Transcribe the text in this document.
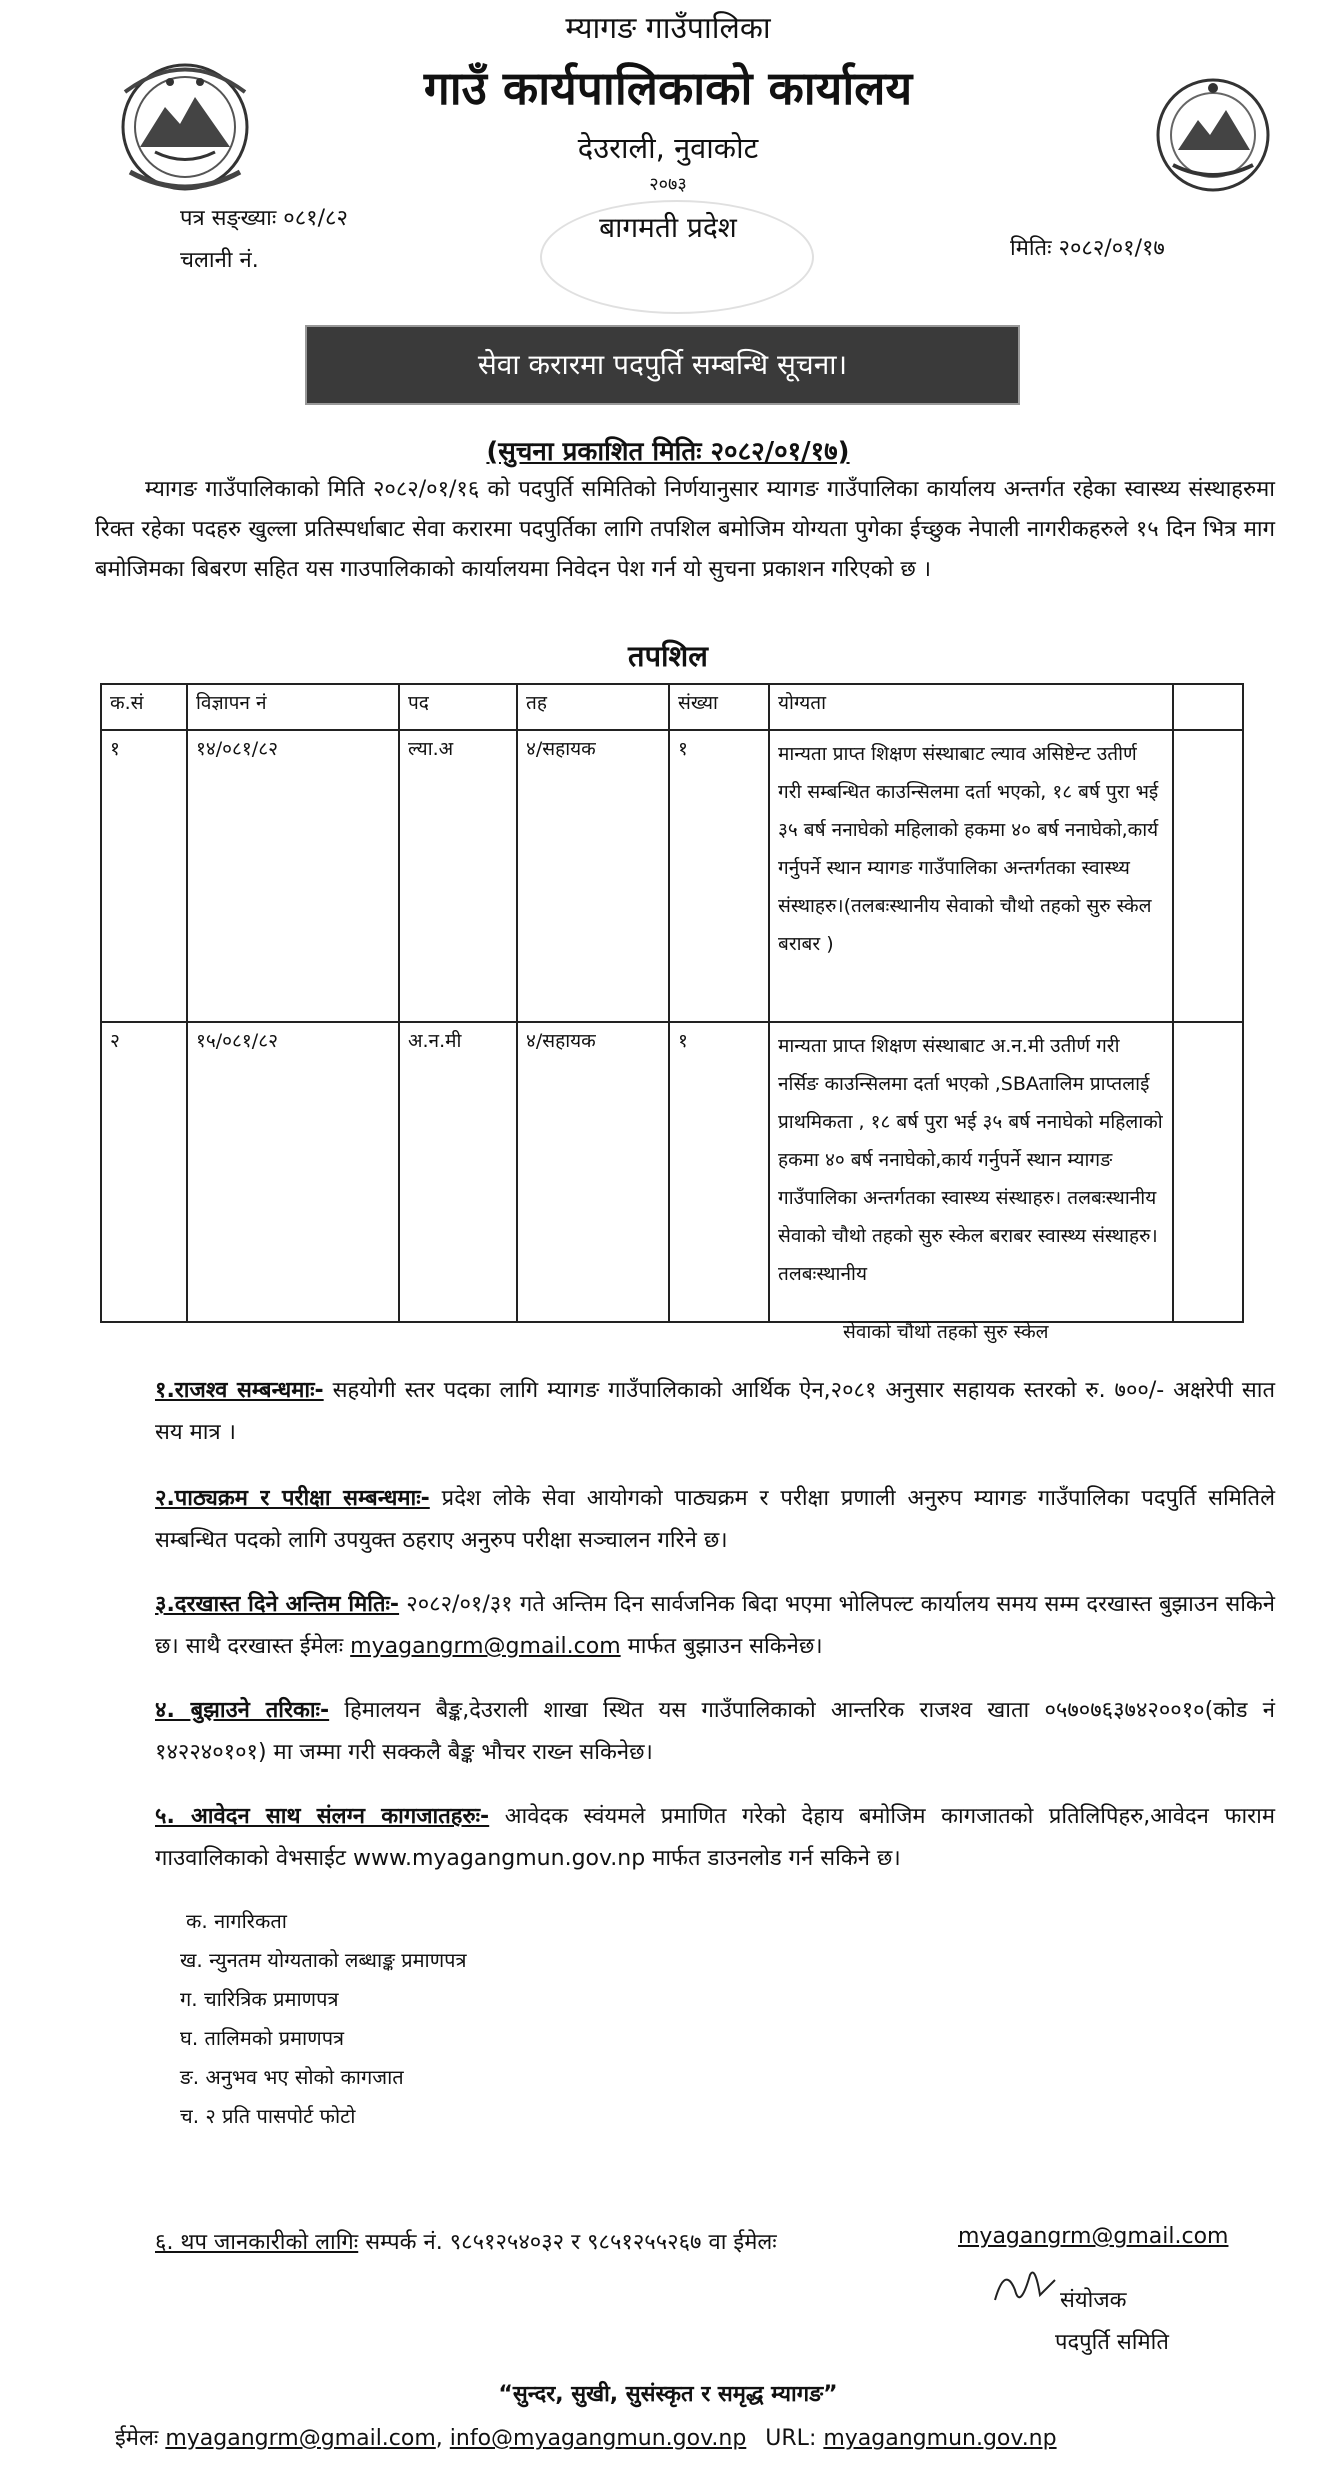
म्यागङ गाउँपालिका
गाउँ कार्यपालिकाको कार्यालय
देउराली, नुवाकोट
२०७३
बागमती प्रदेश
पत्र सङ्ख्याः ०८१/८२
चलानी नं.	मितिः २०८२/०१/१७
सेवा करारमा पदपुर्ति सम्बन्धि सूचना।
(सुचना प्रकाशित मितिः २०८२/०१/१७)
म्यागङ गाउँपालिकाको मिति २०८२/०१/१६ को पदपुर्ति समितिको निर्णयानुसार म्यागङ गाउँपालिका कार्यालय अन्तर्गत रहेका स्वास्थ्य संस्थाहरुमा रिक्त रहेका पदहरु खुल्ला प्रतिस्पर्धाबाट सेवा करारमा पदपुर्तिका लागि तपशिल बमोजिम योग्यता पुगेका ईच्छुक नेपाली नागरीकहरुले १५ दिन भित्र माग बमोजिमका बिबरण सहित यस गाउपालिकाको कार्यालयमा निवेदन पेश गर्न यो सुचना प्रकाशन गरिएको छ ।
तपशिल
क.सं	विज्ञापन नं	पद	तह	संख्या	योग्यता	
१	१४/०८१/८२	ल्या.अ	४/सहायक	१	मान्यता प्राप्त शिक्षण संस्थाबाट ल्याव असिष्टेन्ट उतीर्ण गरी सम्बन्धित काउन्सिलमा दर्ता भएको, १८ बर्ष पुरा भई ३५ बर्ष ननाघेको महिलाको हकमा ४० बर्ष ननाघेको,कार्य गर्नुपर्ने स्थान म्यागङ गाउँपालिका अन्तर्गतका स्वास्थ्य संस्थाहरु।(तलबःस्थानीय सेवाको चौथो तहको सुरु स्केल बराबर )	
२	१५/०८१/८२	अ.न.मी	४/सहायक	१	मान्यता प्राप्त शिक्षण संस्थाबाट अ.न.मी उतीर्ण गरी नर्सिङ काउन्सिलमा दर्ता भएको ,SBAतालिम प्राप्तलाई प्राथमिकता , १८ बर्ष पुरा भई ३५ बर्ष ननाघेको महिलाको हकमा ४० बर्ष ननाघेको,कार्य गर्नुपर्ने स्थान म्यागङ गाउँपालिका अन्तर्गतका स्वास्थ्य संस्थाहरु। तलबःस्थानीय सेवाको चौथो तहको सुरु स्केल बराबर स्वास्थ्य संस्थाहरु। तलबःस्थानीय	
सेवाको चौथो तहको सुरु स्केल
१.राजश्व सम्बन्धमाः- सहयोगी स्तर पदका लागि म्यागङ गाउँपालिकाको आर्थिक ऐन,२०८१ अनुसार सहायक स्तरको रु. ७००/- अक्षरेपी सात सय मात्र ।
२.पाठ्यक्रम र परीक्षा सम्बन्धमाः- प्रदेश लोके सेवा आयोगको पाठ्यक्रम र परीक्षा प्रणाली अनुरुप म्यागङ गाउँपालिका पदपुर्ति समितिले सम्बन्धित पदको लागि उपयुक्त ठहराए अनुरुप परीक्षा सञ्चालन गरिने छ।
३.दरखास्त दिने अन्तिम मितिः- २०८२/०१/३१ गते अन्तिम दिन सार्वजनिक बिदा भएमा भोलिपल्ट कार्यालय समय सम्म दरखास्त बुझाउन सकिने छ। साथै दरखास्त ईमेलः myagangrm@gmail.com मार्फत बुझाउन सकिनेछ।
४. बुझाउने तरिकाः- हिमालयन बैङ्क,देउराली शाखा स्थित यस गाउँपालिकाको आन्तरिक राजश्व खाता ०५७०७६३७४२००१०(कोड नं १४२२४०१०१) मा जम्मा गरी सक्कलै बैङ्क भौचर राख्न सकिनेछ।
५. आवेदन साथ संलग्न कागजातहरुः- आवेदक स्वंयमले प्रमाणित गरेको देहाय बमोजिम कागजातको प्रतिलिपिहरु,आवेदन फाराम गाउवालिकाको वेभसाईट www.myagangmun.gov.np मार्फत डाउनलोड गर्न सकिने छ।
क. नागरिकता
ख. न्युनतम योग्यताको लब्धाङ्क प्रमाणपत्र
ग. चारित्रिक प्रमाणपत्र
घ. तालिमको प्रमाणपत्र
ङ. अनुभव भए सोको कागजात
च. २ प्रति पासपोर्ट फोटो
६. थप जानकारीको लागिः सम्पर्क नं. ९८५१२५४०३२ र ९८५१२५५२६७ वा ईमेलः	myagangrm@gmail.com
संयोजक
पदपुर्ति समिति
“सुन्दर, सुखी, सुसंस्कृत र समृद्ध म्यागङ”
ईमेलः myagangrm@gmail.com, info@myagangmun.gov.np URL: myagangmun.gov.np
